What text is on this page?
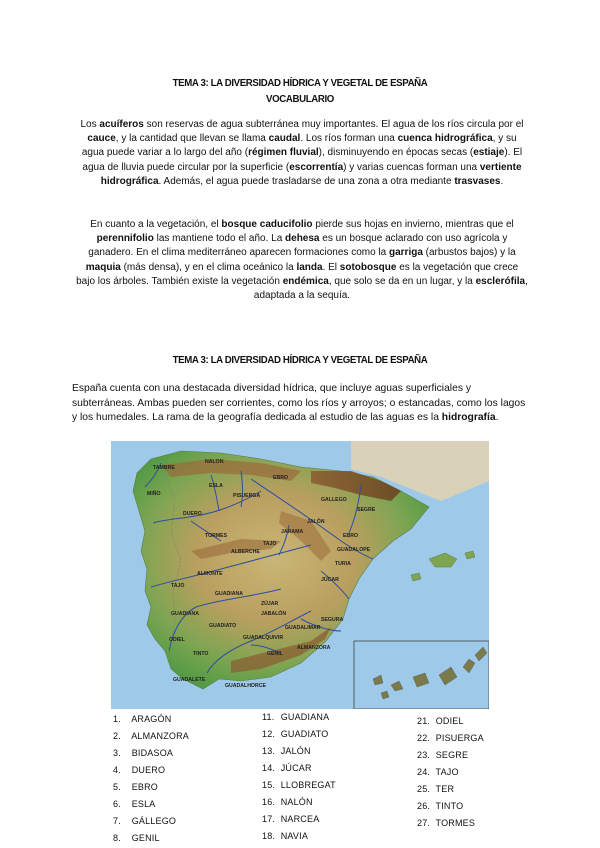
TEMA 3: LA DIVERSIDAD HÍDRICA Y VEGETAL DE ESPAÑA
VOCABULARIO
Los acuíferos son reservas de agua subterránea muy importantes. El agua de los ríos circula por el cauce, y la cantidad que llevan se llama caudal. Los ríos forman una cuenca hidrográfica, y su agua puede variar a lo largo del año (régimen fluvial), disminuyendo en épocas secas (estiaje). El agua de lluvia puede circular por la superficie (escorrentía) y varias cuencas forman una vertiente hidrográfica. Además, el agua puede trasladarse de una zona a otra mediante trasvases.
En cuanto a la vegetación, el bosque caducifolio pierde sus hojas en invierno, mientras que el perennifolio las mantiene todo el año. La dehesa es un bosque aclarado con uso agrícola y ganadero. En el clima mediterráneo aparecen formaciones como la garriga (arbustos bajos) y la maquia (más densa), y en el clima oceánico la landa. El sotobosque es la vegetación que crece bajo los árboles. También existe la vegetación endémica, que solo se da en un lugar, y la esclerófila, adaptada a la sequía.
TEMA 3: LA DIVERSIDAD HÍDRICA Y VEGETAL DE ESPAÑA
España cuenta con una destacada diversidad hídrica, que incluye aguas superficiales y subterráneas. Ambas pueden ser corrientes, como los ríos y arroyos; o estancadas, como los lagos y los humedales. La rama de la geografía dedicada al estudio de las aguas es la hidrografía.
GALLEGO
MIÑO
TAMBRE
NALON
EBRO
PISUERGA
DUERO
ESLA
TORMES	EBRO
TAJO
JALÓN
JARAMA
ALBERCHE
SEGRE
GUADALOPE
TURIA
ALMONTE
JÚCAR
TAJO
GUADIANA
ZÚJAR
JABALÓN
GUADIANA
SEGURA
GUADALIMAR
GUADALQUIVIR
GENIL
ODIEL
TINTO
GUADALETE
GUADALHORCE
GUADIATO
ALMANZORA
1. ARAGÓN
2. ALMANZORA
3. BIDASOA
4. DUERO
5. EBRO
6. ESLA
7. GÁLLEGO
8. GENIL
11. GUADIANA
12. GUADIATO
13. JALÓN
14. JÚCAR
15. LLOBREGAT
16. NALÓN
17. NARCEA
18. NAVIA
21. ODIEL
22. PISUERGA
23. SEGRE
24. TAJO
25. TER
26. TINTO
27. TORMES
